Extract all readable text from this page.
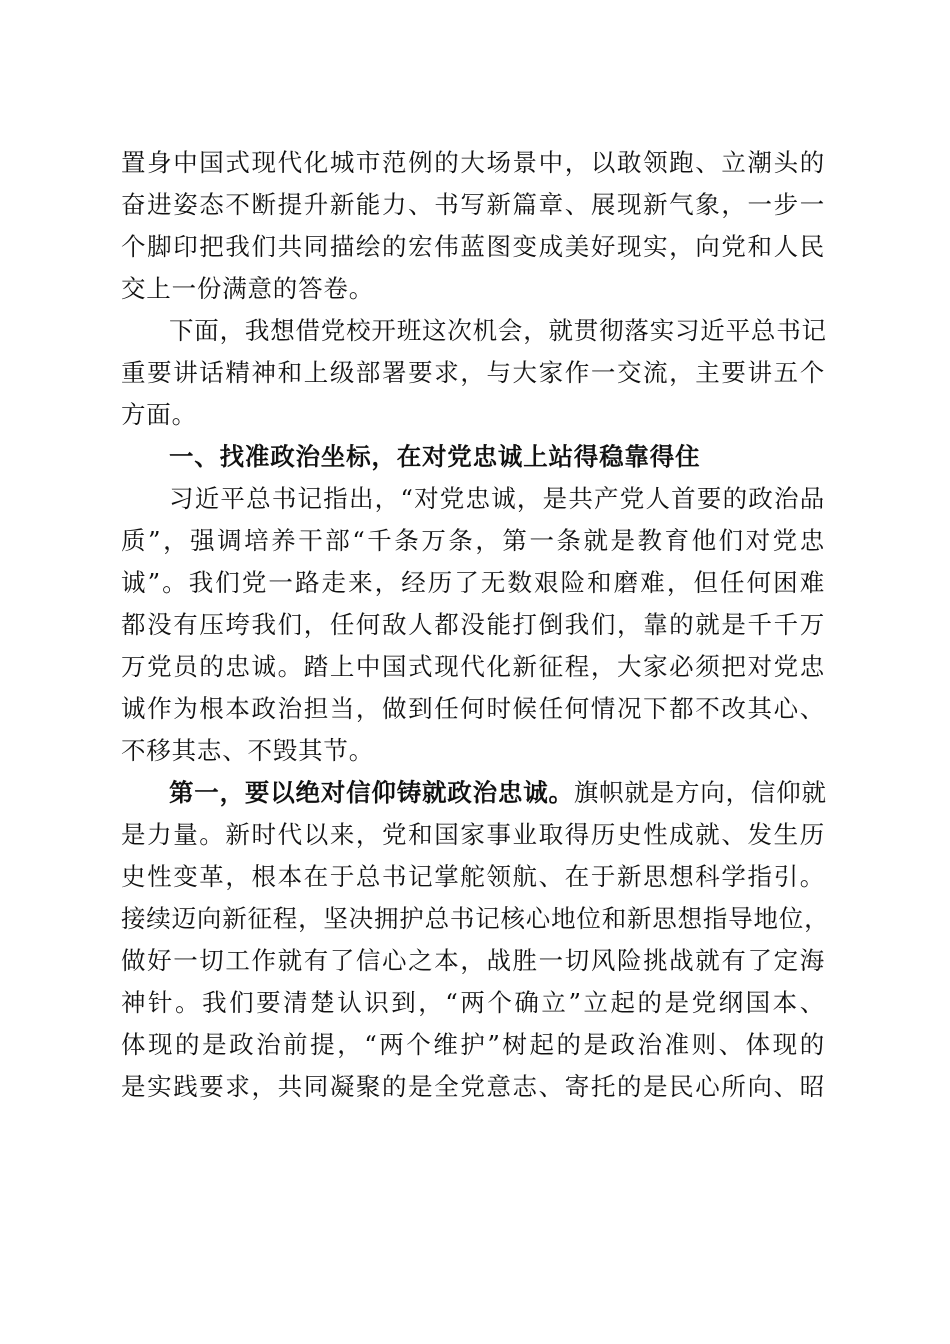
置身中国式现代化城市范例的大场景中，以敢领跑、立潮头的
奋进姿态不断提升新能力、书写新篇章、展现新气象，一步一
个脚印把我们共同描绘的宏伟蓝图变成美好现实，向党和人民
交上一份满意的答卷。
下面，我想借党校开班这次机会，就贯彻落实习近平总书记
重要讲话精神和上级部署要求，与大家作一交流，主要讲五个
方面。
一、找准政治坐标，在对党忠诚上站得稳靠得住
习近平总书记指出，“对党忠诚，是共产党人首要的政治品
质”，强调培养干部“千条万条，第一条就是教育他们对党忠
诚”。我们党一路走来，经历了无数艰险和磨难，但任何困难
都没有压垮我们，任何敌人都没能打倒我们，靠的就是千千万
万党员的忠诚。踏上中国式现代化新征程，大家必须把对党忠
诚作为根本政治担当，做到任何时候任何情况下都不改其心、
不移其志、不毁其节。
第一，要以绝对信仰铸就政治忠诚。旗帜就是方向，信仰就
是力量。新时代以来，党和国家事业取得历史性成就、发生历
史性变革，根本在于总书记掌舵领航、在于新思想科学指引。
接续迈向新征程，坚决拥护总书记核心地位和新思想指导地位，
做好一切工作就有了信心之本，战胜一切风险挑战就有了定海
神针。我们要清楚认识到，“两个确立”立起的是党纲国本、
体现的是政治前提，“两个维护”树起的是政治准则、体现的
是实践要求，共同凝聚的是全党意志、寄托的是民心所向、昭
